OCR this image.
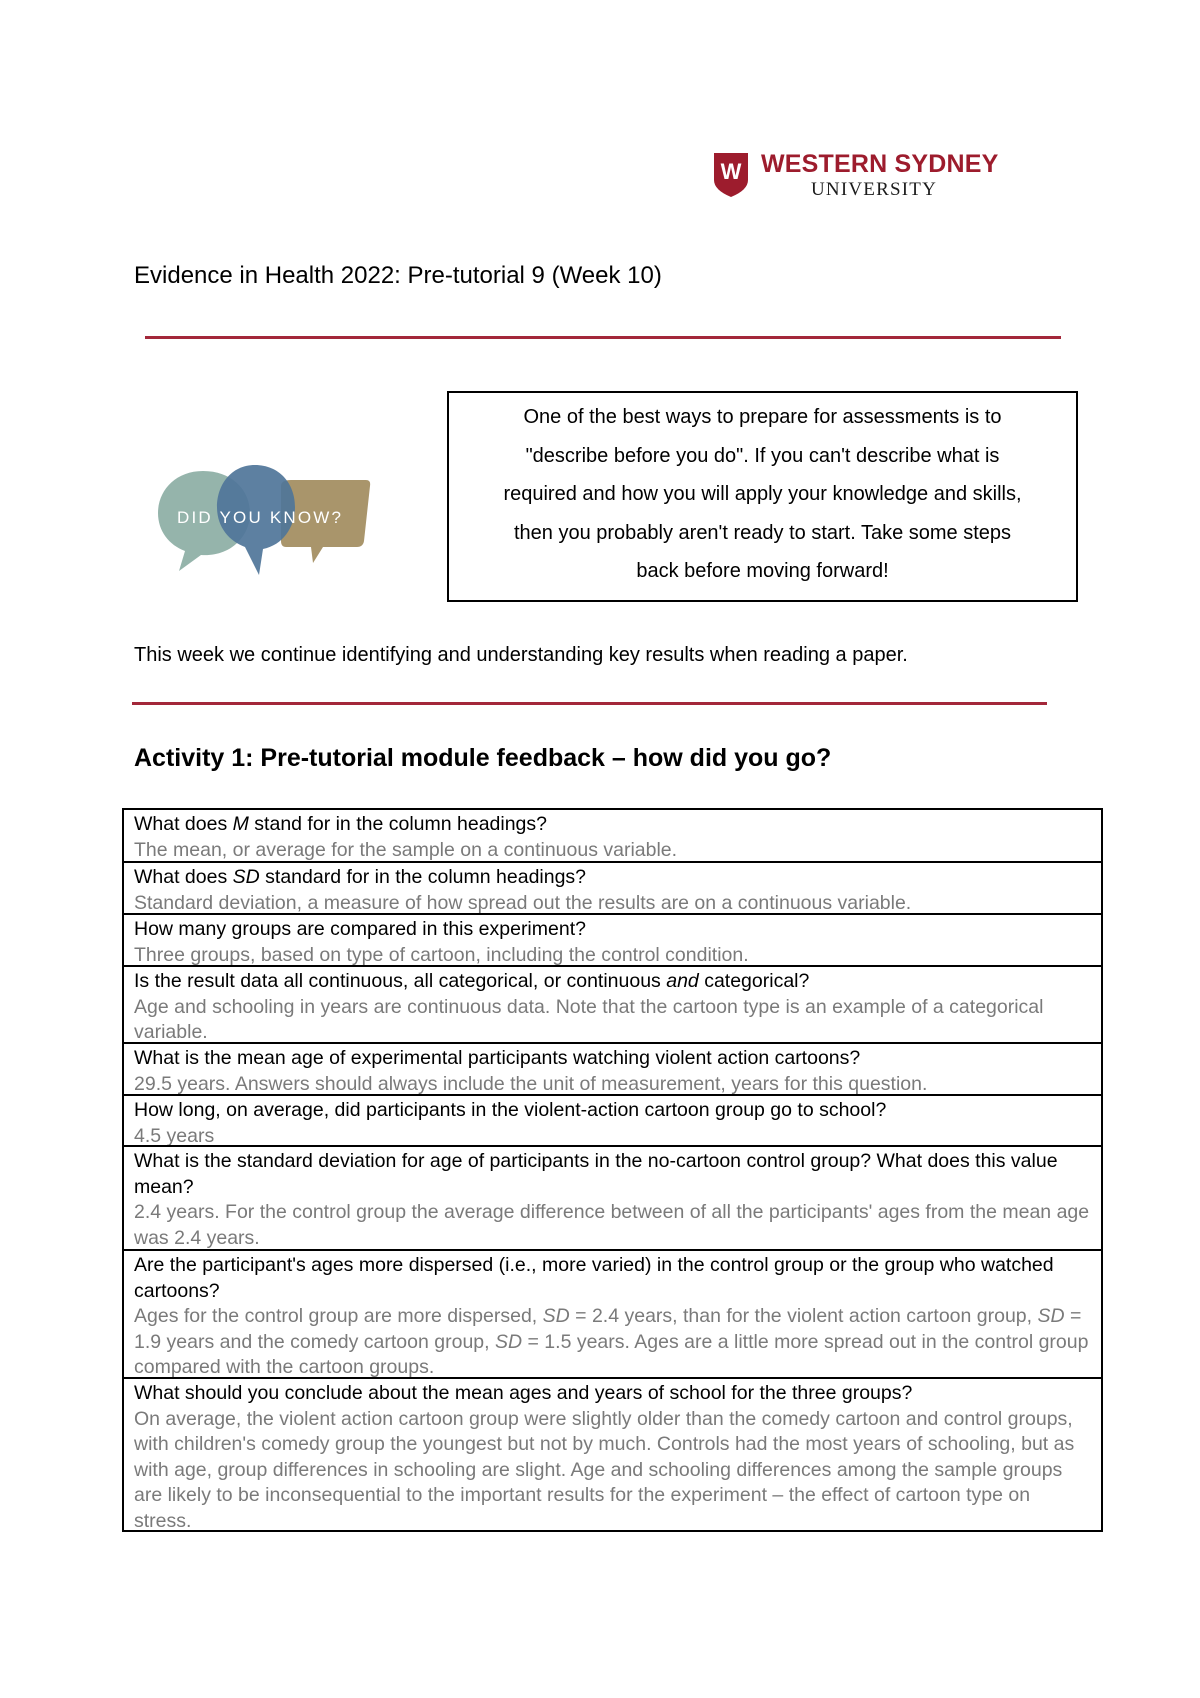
W WESTERN SYDNEY
UNIVERSITY
Evidence in Health 2022: Pre-tutorial 9 (Week 10)
DID YOU KNOW?
One of the best ways to prepare for assessments is to
"describe before you do". If you can't describe what is
required and how you will apply your knowledge and skills,
then you probably aren't ready to start. Take some steps
back before moving forward!
This week we continue identifying and understanding key results when reading a paper.
Activity 1: Pre-tutorial module feedback – how did you go?
What does M stand for in the column headings?
The mean, or average for the sample on a continuous variable.
What does SD standard for in the column headings?
Standard deviation, a measure of how spread out the results are on a continuous variable.
How many groups are compared in this experiment?
Three groups, based on type of cartoon, including the control condition.
Is the result data all continuous, all categorical, or continuous and categorical?
Age and schooling in years are continuous data. Note that the cartoon type is an example of a categorical variable.
What is the mean age of experimental participants watching violent action cartoons?
29.5 years. Answers should always include the unit of measurement, years for this question.
How long, on average, did participants in the violent-action cartoon group go to school?
4.5 years
What is the standard deviation for age of participants in the no-cartoon control group? What does this value mean?
2.4 years. For the control group the average difference between of all the participants' ages from the mean age was 2.4 years.
Are the participant's ages more dispersed (i.e., more varied) in the control group or the group who watched cartoons?
Ages for the control group are more dispersed, SD = 2.4 years, than for the violent action cartoon group, SD = 1.9 years and the comedy cartoon group, SD = 1.5 years. Ages are a little more spread out in the control group compared with the cartoon groups.
What should you conclude about the mean ages and years of school for the three groups?
On average, the violent action cartoon group were slightly older than the comedy cartoon and control groups, with children's comedy group the youngest but not by much. Controls had the most years of schooling, but as with age, group differences in schooling are slight. Age and schooling differences among the sample groups are likely to be inconsequential to the important results for the experiment – the effect of cartoon type on stress.
